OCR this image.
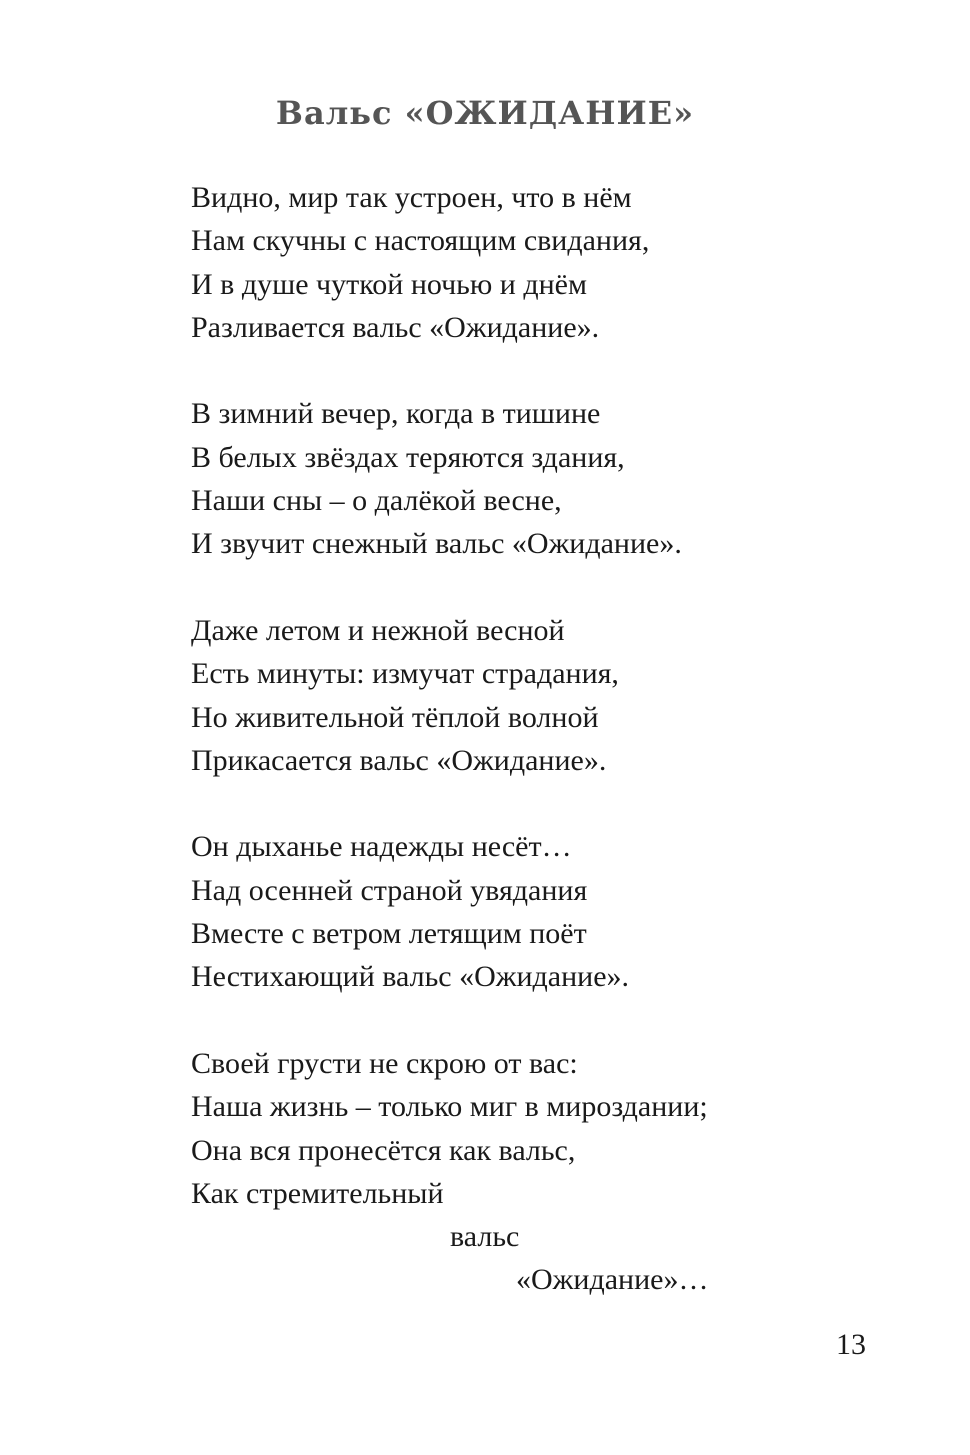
Вальс «ОЖИДАНИЕ»
Видно, мир так устроен, что в нём
Нам скучны с настоящим свидания,
И в душе чуткой ночью и днём
Разливается вальс «Ожидание».
В зимний вечер, когда в тишине
В белых звёздах теряются здания,
Наши сны – о далёкой весне,
И звучит снежный вальс «Ожидание».
Даже летом и нежной весной
Есть минуты: измучат страдания,
Но живительной тёплой волной
Прикасается вальс «Ожидание».
Он дыханье надежды несёт…
Над осенней страной увядания
Вместе с ветром летящим поёт
Нестихающий вальс «Ожидание».
Своей грусти не скрою от вас:
Наша жизнь – только миг в мироздании;
Она вся пронесётся как вальс,
Как стремительный
вальс
«Ожидание»…
13
